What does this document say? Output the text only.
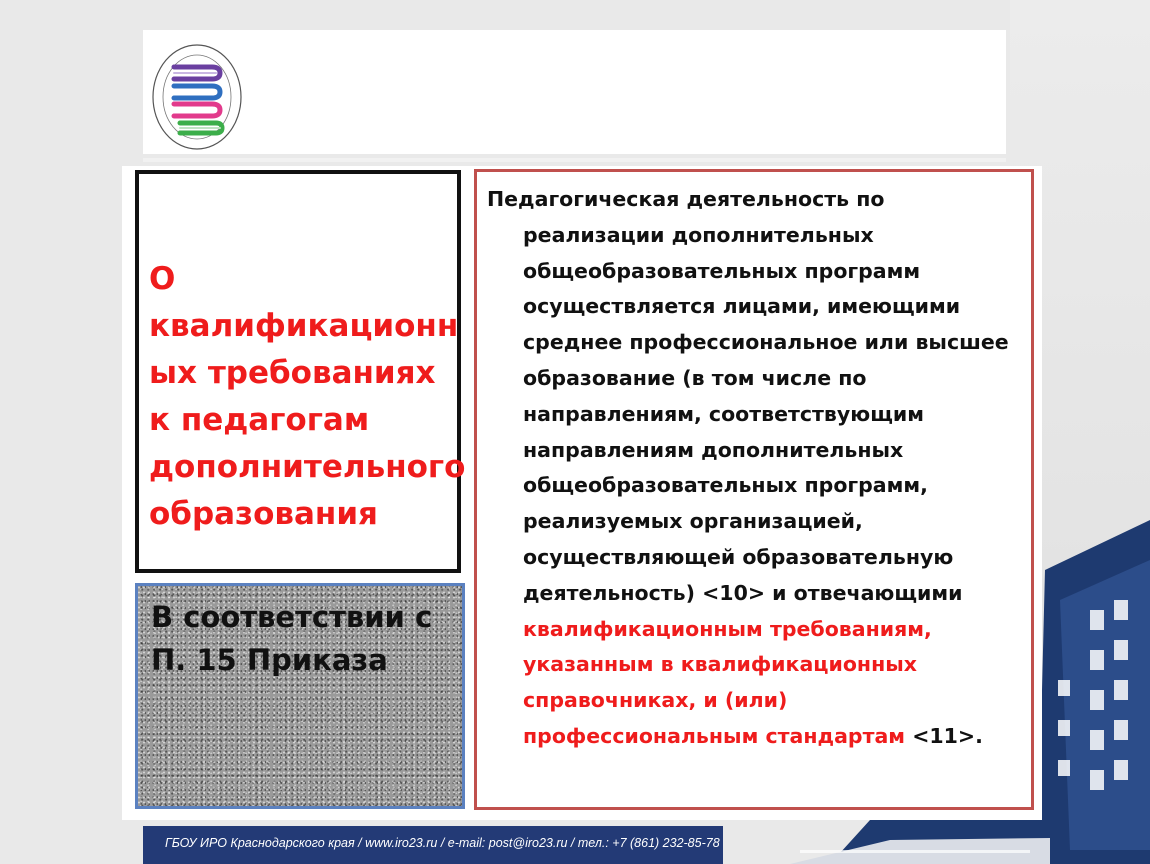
О квалификационн ых требованиях к педагогам дополнительного образования

В соответствии с П. 15 Приказа

Педагогическая деятельность по
реализации дополнительных общеобразовательных программ осуществляется лицами, имеющими среднее профессиональное или высшее образование (в том числе по направлениям, соответствующим направлениям дополнительных общеобразовательных программ, реализуемых организацией, осуществляющей образовательную деятельность) <10> и отвечающими квалификационным требованиям, указанным в квалификационных справочниках, и (или) профессиональным стандартам <11>.

ГБОУ ИРО Краснодарского края / www.iro23.ru / e-mail: post@iro23.ru / тел.: +7 (861) 232-85-78
